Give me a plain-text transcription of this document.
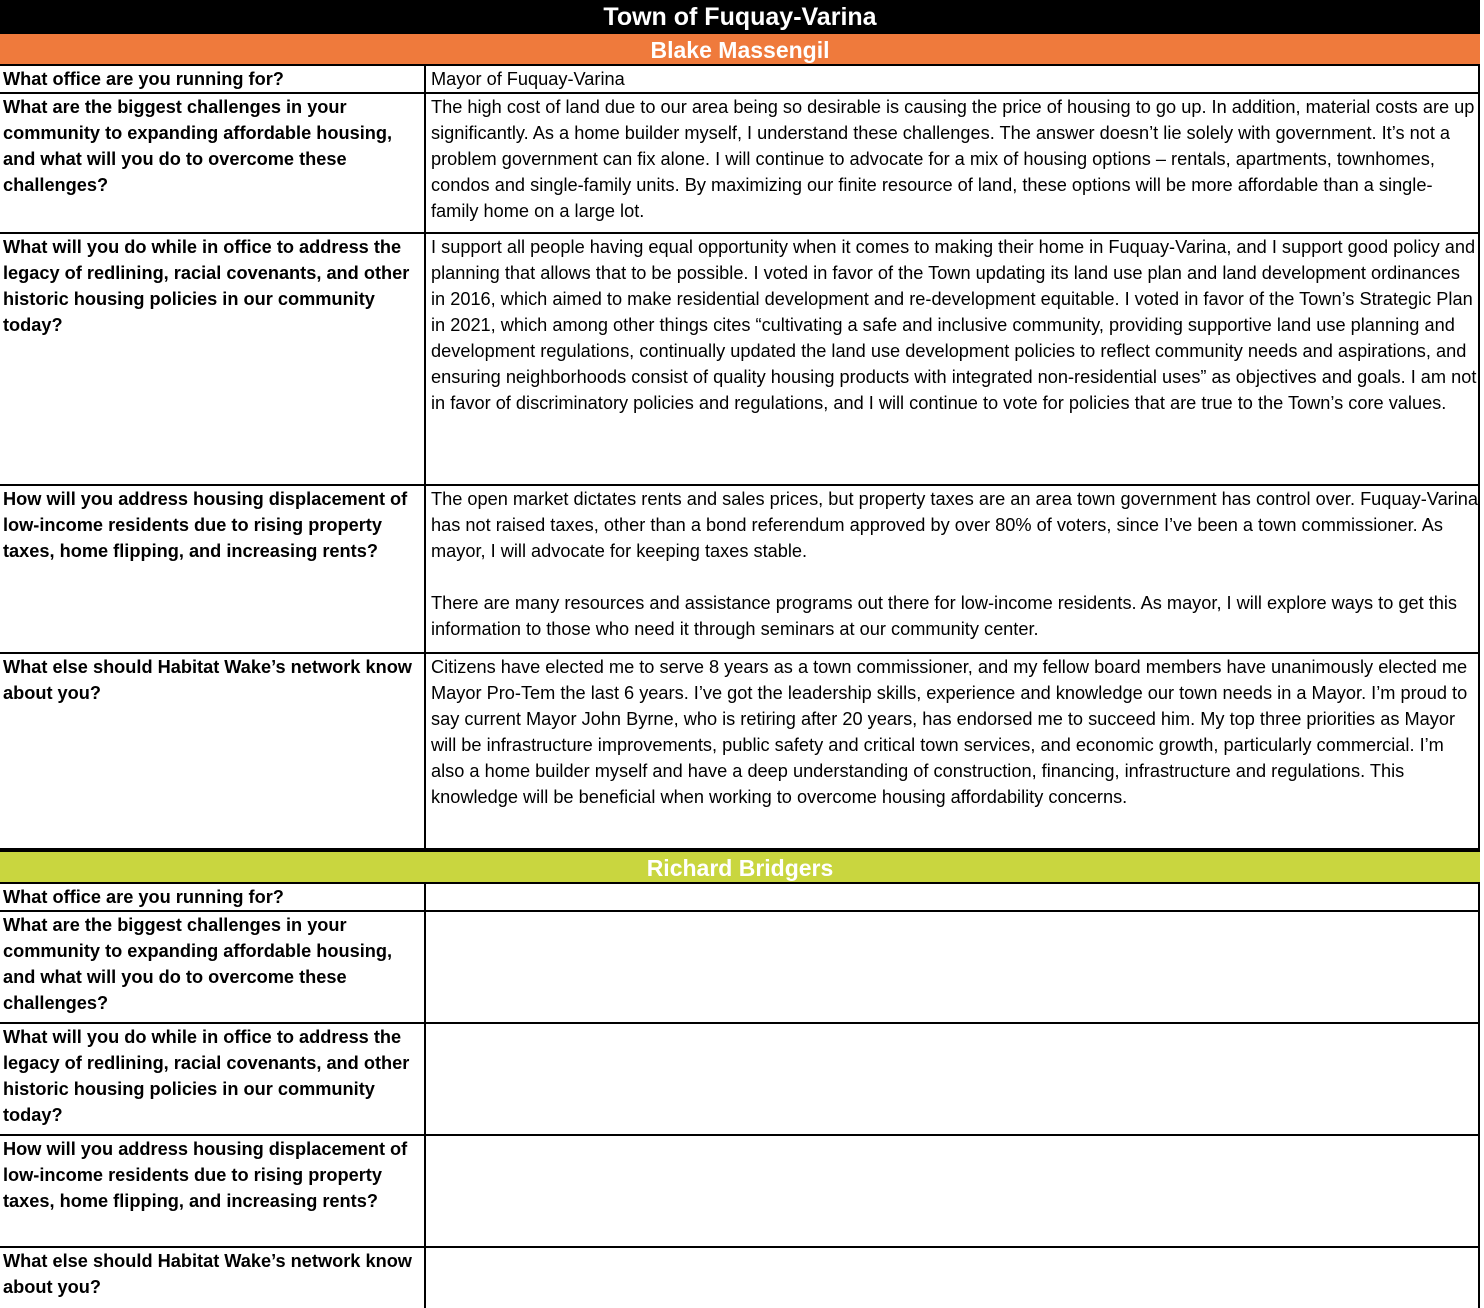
Town of Fuquay-Varina
Blake Massengil
What office are you running for?	Mayor of Fuquay-Varina

What are the biggest challenges in your community to expanding affordable housing, and what will you do to overcome these challenges?

The high cost of land due to our area being so desirable is causing the price of housing to go up. In addition, material costs are up significantly. As a home builder myself, I understand these challenges. The answer doesn’t lie solely with government. It’s not a problem government can fix alone. I will continue to advocate for a mix of housing options – rentals, apartments, townhomes, condos and single-family units. By maximizing our finite resource of land, these options will be more affordable than a single-family home on a large lot.

What will you do while in office to address the legacy of redlining, racial covenants, and other historic housing policies in our community today?

I support all people having equal opportunity when it comes to making their home in Fuquay-Varina, and I support good policy and planning that allows that to be possible. I voted in favor of the Town updating its land use plan and land development ordinances in 2016, which aimed to make residential development and re-development equitable. I voted in favor of the Town’s Strategic Plan in 2021, which among other things cites “cultivating a safe and inclusive community, providing supportive land use planning and development regulations, continually updated the land use development policies to reflect community needs and aspirations, and ensuring neighborhoods consist of quality housing products with integrated non-residential uses” as objectives and goals. I am not in favor of discriminatory policies and regulations, and I will continue to vote for policies that are true to the Town’s core values.

How will you address housing displacement of low-income residents due to rising property taxes, home flipping, and increasing rents?

The open market dictates rents and sales prices, but property taxes are an area town government has control over. Fuquay-Varina has not raised taxes, other than a bond referendum approved by over 80% of voters, since I’ve been a town commissioner. As mayor, I will advocate for keeping taxes stable.

There are many resources and assistance programs out there for low-income residents. As mayor, I will explore ways to get this information to those who need it through seminars at our community center.

What else should Habitat Wake’s network know about you?

Citizens have elected me to serve 8 years as a town commissioner, and my fellow board members have unanimously elected me Mayor Pro-Tem the last 6 years. I’ve got the leadership skills, experience and knowledge our town needs in a Mayor. I’m proud to say current Mayor John Byrne, who is retiring after 20 years, has endorsed me to succeed him. My top three priorities as Mayor will be infrastructure improvements, public safety and critical town services, and economic growth, particularly commercial. I’m also a home builder myself and have a deep understanding of construction, financing, infrastructure and regulations. This knowledge will be beneficial when working to overcome housing affordability concerns.

Richard Bridgers
What office are you running for?
What are the biggest challenges in your community to expanding affordable housing, and what will you do to overcome these challenges?
What will you do while in office to address the legacy of redlining, racial covenants, and other historic housing policies in our community today?
How will you address housing displacement of low-income residents due to rising property taxes, home flipping, and increasing rents?
What else should Habitat Wake’s network know about you?
